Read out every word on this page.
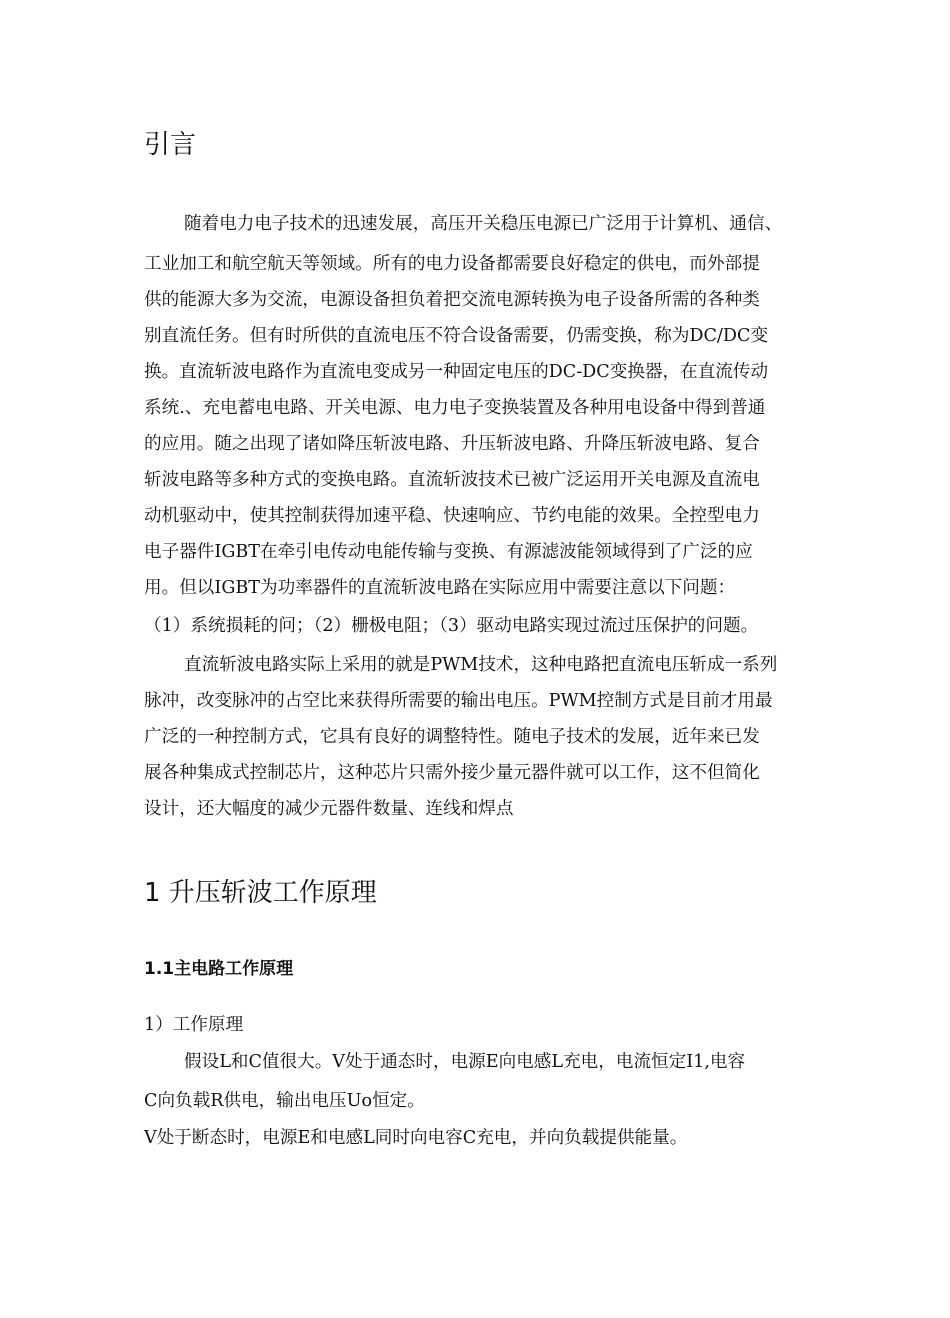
引言

随着电力电子技术的迅速发展，高压开关稳压电源已广泛用于计算机、通信、

工业加工和航空航天等领域。所有的电力设备都需要良好稳定的供电，而外部提

供的能源大多为交流，电源设备担负着把交流电源转换为电子设备所需的各种类

别直流任务。但有时所供的直流电压不符合设备需要，仍需变换，称为DC/DC变

换。直流斩波电路作为直流电变成另一种固定电压的DC-DC变换器，在直流传动

系统.、充电蓄电电路、开关电源、电力电子变换装置及各种用电设备中得到普通

的应用。随之出现了诸如降压斩波电路、升压斩波电路、升降压斩波电路、复合

斩波电路等多种方式的变换电路。直流斩波技术已被广泛运用开关电源及直流电

动机驱动中，使其控制获得加速平稳、快速响应、节约电能的效果。全控型电力

电子器件IGBT在牵引电传动电能传输与变换、有源滤波能领域得到了广泛的应

用。但以IGBT为功率器件的直流斩波电路在实际应用中需要注意以下问题：

（1）系统损耗的问；（2）栅极电阻；（3）驱动电路实现过流过压保护的问题。

直流斩波电路实际上采用的就是PWM技术，这种电路把直流电压斩成一系列

脉冲，改变脉冲的占空比来获得所需要的输出电压。PWM控制方式是目前才用最

广泛的一种控制方式，它具有良好的调整特性。随电子技术的发展，近年来已发

展各种集成式控制芯片，这种芯片只需外接少量元器件就可以工作，这不但简化

设计，还大幅度的减少元器件数量、连线和焊点

1 升压斩波工作原理
1.1主电路工作原理

1）工作原理

假设L和C值很大。V处于通态时，电源E向电感L充电，电流恒定I1,电容

C向负载R供电，输出电压Uo恒定。

V处于断态时，电源E和电感L同时向电容C充电，并向负载提供能量。
